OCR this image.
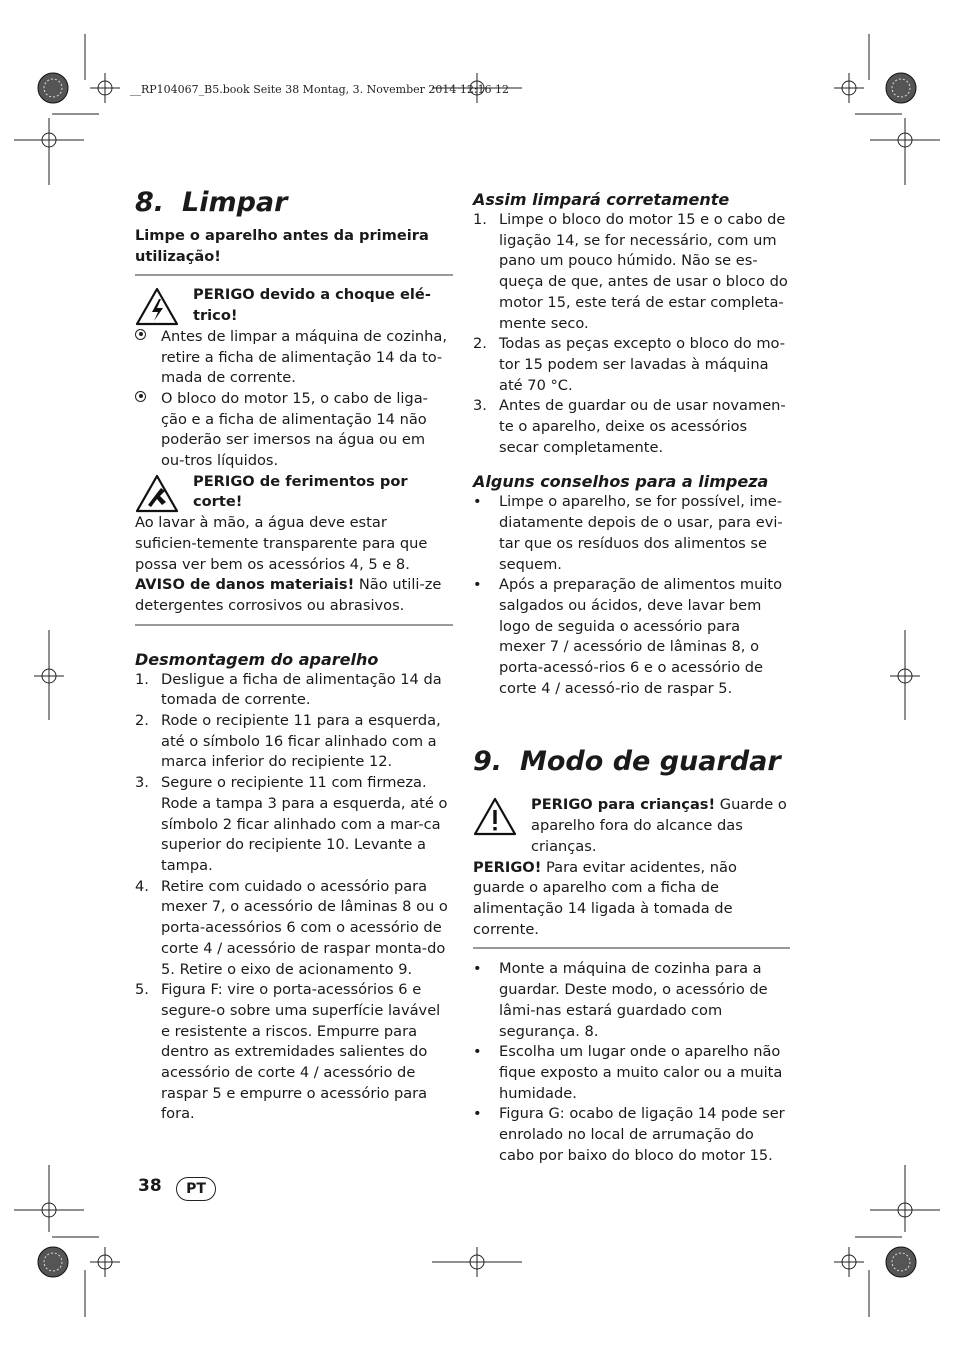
__RP104067_B5.book Seite 38 Montag, 3. November 2014 12:16 12
8. Limpar

Limpe o aparelho antes da primeira utilização!

PERIGO devido a choque elé-trico!

Antes de limpar a máquina de cozinha, retire a ficha de alimentação 14 da to-mada de corrente.
O bloco do motor 15, o cabo de liga-ção e a ficha de alimentação 14 não poderão ser imersos na água ou em ou-tros líquidos.

PERIGO de ferimentos por corte!

Ao lavar à mão, a água deve estar suficien-temente transparente para que possa ver bem os acessórios 4, 5 e 8.

AVISO de danos materiais! Não utili-ze detergentes corrosivos ou abrasivos.

Desmontagem do aparelho
1. Desligue a ficha de alimentação 14 da tomada de corrente.
2. Rode o recipiente 11 para a esquerda, até o símbolo 16 ficar alinhado com a marca inferior do recipiente 12.
3. Segure o recipiente 11 com firmeza. Rode a tampa 3 para a esquerda, até o símbolo 2 ficar alinhado com a mar-ca superior do recipiente 10. Levante a tampa.
4. Retire com cuidado o acessório para mexer 7, o acessório de lâminas 8 ou o porta-acessórios 6 com o acessório de corte 4 / acessório de raspar monta-do 5. Retire o eixo de acionamento 9.
5. Figura F: vire o porta-acessórios 6 e segure-o sobre uma superfície lavável e resistente a riscos. Empurre para dentro as extremidades salientes do acessório de corte 4 / acessório de raspar 5 e empurre o acessório para fora.
Assim limpará corretamente
1. Limpe o bloco do motor 15 e o cabo de ligação 14, se for necessário, com um pano um pouco húmido. Não se es-queça de que, antes de usar o bloco do motor 15, este terá de estar completa-mente seco.
2. Todas as peças excepto o bloco do mo-tor 15 podem ser lavadas à máquina até 70 °C.
3. Antes de guardar ou de usar novamen-te o aparelho, deixe os acessórios secar completamente.
Alguns conselhos para a limpeza
• Limpe o aparelho, se for possível, ime-diatamente depois de o usar, para evi-tar que os resíduos dos alimentos se sequem.
• Após a preparação de alimentos muito salgados ou ácidos, deve lavar bem logo de seguida o acessório para mexer 7 / acessório de lâminas 8, o porta-acessó-rios 6 e o acessório de corte 4 / acessó-rio de raspar 5.
9. Modo de guardar

PERIGO para crianças! Guarde o aparelho fora do alcance das crianças.

PERIGO! Para evitar acidentes, não guarde o aparelho com a ficha de alimentação 14 ligada à tomada de corrente.

• Monte a máquina de cozinha para a guardar. Deste modo, o acessório de lâmi-nas estará guardado com segurança. 8.
• Escolha um lugar onde o aparelho não fique exposto a muito calor ou a muita humidade.
• Figura G: ocabo de ligação 14 pode ser enrolado no local de arrumação do cabo por baixo do bloco do motor 15.
38	PT
